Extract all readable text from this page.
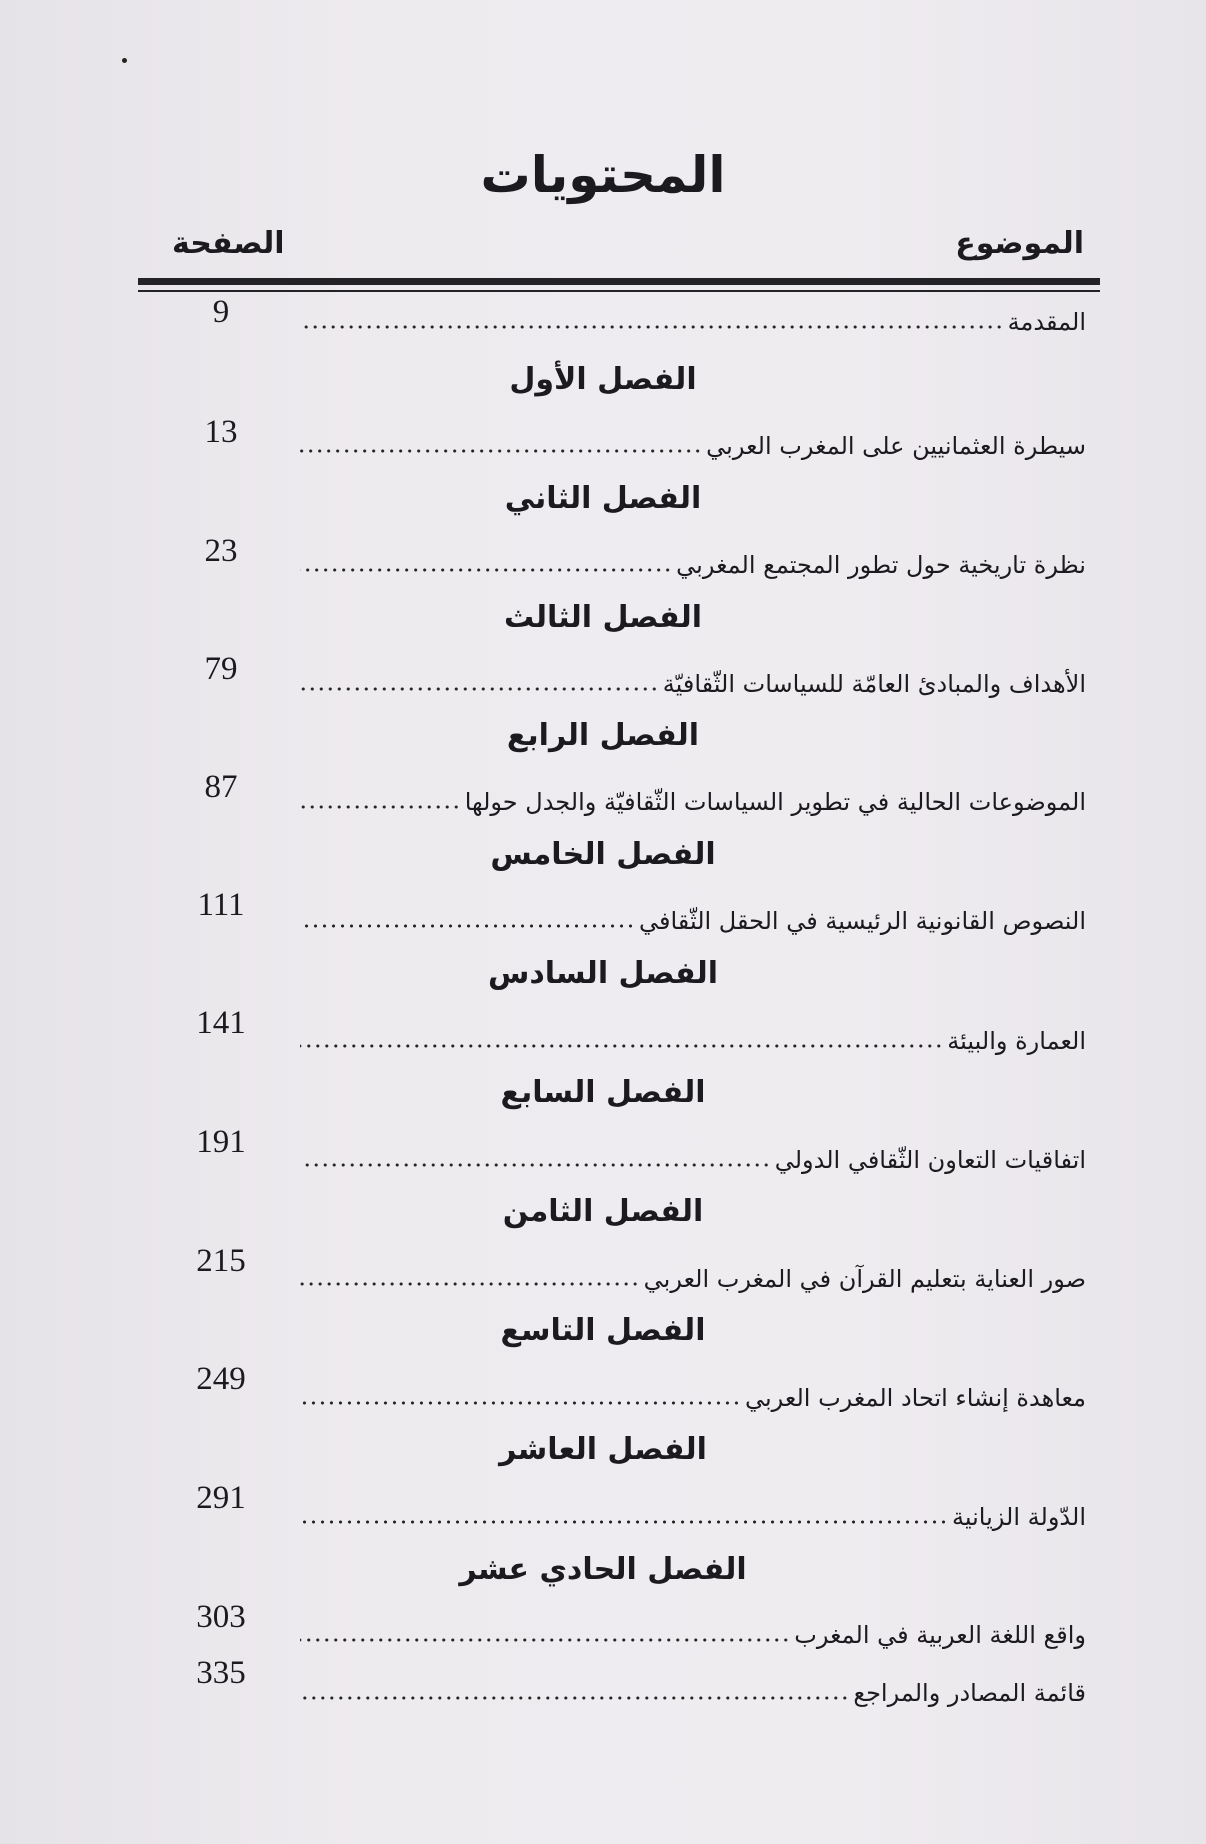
المحتويات
الموضوع
الصفحة
المقدمة
9
الفصل الأول
سيطرة العثمانيين على المغرب العربي
13
الفصل الثاني
نظرة تاريخية حول تطور المجتمع المغربي
23
الفصل الثالث
الأهداف والمبادئ العامّة للسياسات الثّقافيّة
79
الفصل الرابع
الموضوعات الحالية في تطوير السياسات الثّقافيّة والجدل حولها
87
الفصل الخامس
النصوص القانونية الرئيسية في الحقل الثّقافي
111
الفصل السادس
العمارة والبيئة
141
الفصل السابع
اتفاقيات التعاون الثّقافي الدولي
191
الفصل الثامن
صور العناية بتعليم القرآن في المغرب العربي
215
الفصل التاسع
معاهدة إنشاء اتحاد المغرب العربي
249
الفصل العاشر
الدّولة الزيانية
291
الفصل الحادي عشر
واقع اللغة العربية في المغرب
303
قائمة المصادر والمراجع
335
